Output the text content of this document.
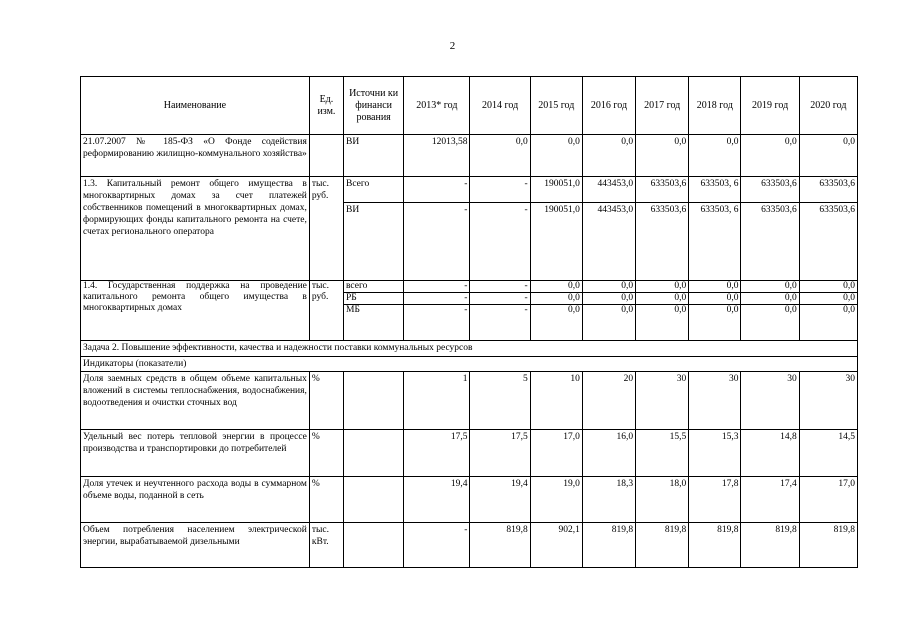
2
Наименование	Ед. изм.	Источни ки финанси рования	2013* год	2014 год	2015 год	2016 год	2017 год	2018 год	2019 год	2020 год
21.07.2007 № 185-ФЗ «О Фонде содействия реформированию жилищно-коммунального хозяйства»		ВИ	12013,58	0,0	0,0	0,0	0,0	0,0	0,0	0,0
1.3. Капитальный ремонт общего имущества в многоквартирных домах за счет платежей собственников помещений в многоквартирных домах, формирующих фонды капитального ремонта на счете, счетах регионального оператора	тыс. руб.	Всего	-	-	190051,0	443453,0	633503,6	633503, 6	633503,6	633503,6
		ВИ	-	-	190051,0	443453,0	633503,6	633503, 6	633503,6	633503,6
1.4. Государственная поддержка на проведение капитального ремонта общего имущества в многоквартирных домах	тыс. руб.	всего	-	-	0,0	0,0	0,0	0,0	0,0	0,0
		РБ	-	-	0,0	0,0	0,0	0,0	0,0	0,0
		МБ	-	-	0,0	0,0	0,0	0,0	0,0	0,0
Задача 2. Повышение эффективности, качества и надежности поставки коммунальных ресурсов										
Индикаторы (показатели)										
Доля заемных средств в общем объеме капитальных вложений в системы теплоснабжения, водоснабжения, водоотведения и очистки сточных вод	%		1	5	10	20	30	30	30	30
Удельный вес потерь тепловой энергии в процессе производства и транспортировки до потребителей	%		17,5	17,5	17,0	16,0	15,5	15,3	14,8	14,5
Доля утечек и неучтенного расхода воды в суммарном объеме воды, поданной в сеть	%		19,4	19,4	19,0	18,3	18,0	17,8	17,4	17,0
Объем потребления населением электрической энергии, вырабатываемой дизельными	тыс. кВт.		-	819,8	902,1	819,8	819,8	819,8	819,8	819,8
